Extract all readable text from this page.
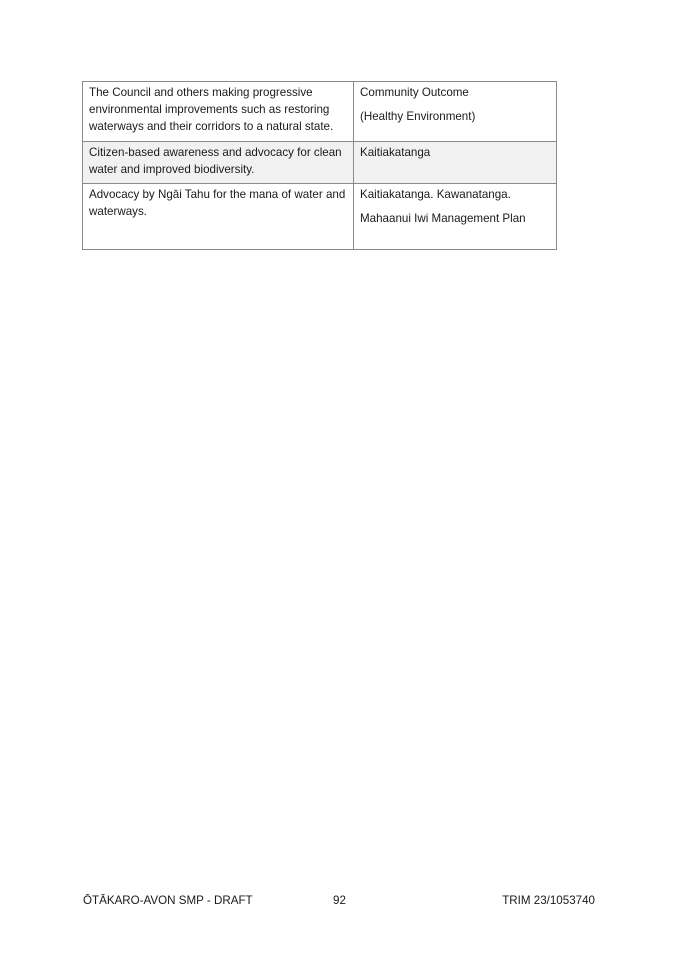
The Council and others making progressive environmental improvements such as restoring waterways and their corridors to a natural state.	Community Outcome

(Healthy Environment)

Citizen-based awareness and advocacy for clean water and improved biodiversity.	Kaitiakatanga

Advocacy by Ngāi Tahu for the mana of water and waterways.	Kaitiakatanga. Kawanatanga.

Mahaanui Iwi Management Plan

ŌTĀKARO-AVON SMP - DRAFT	92	TRIM 23/1053740
